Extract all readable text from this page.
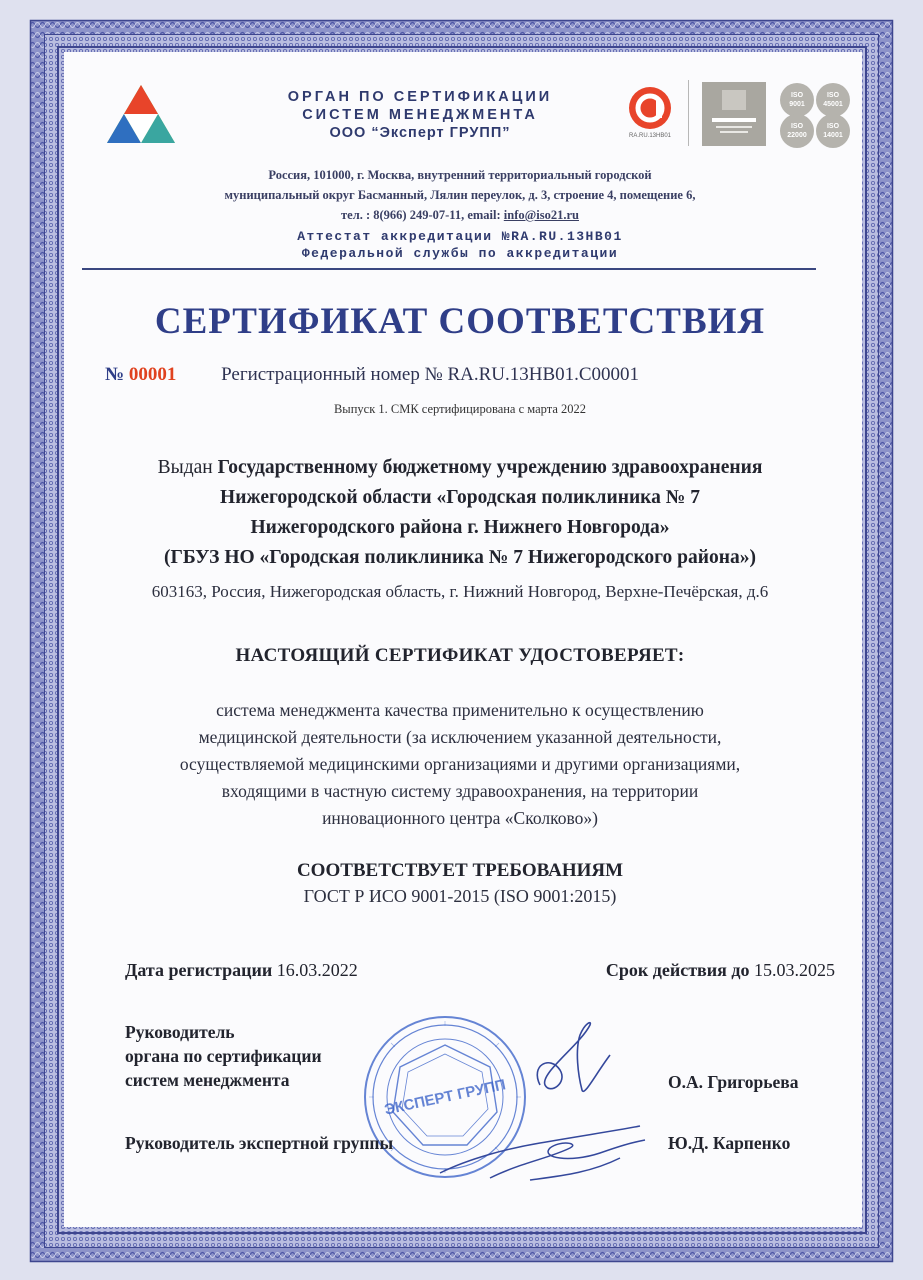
ОРГАН ПО СЕРТИФИКАЦИИ
СИСТЕМ МЕНЕДЖМЕНТА
ООО “Эксперт ГРУПП”	RA.RU.13НВ01
ISO
9001
ISO
45001
ISO
22000
ISO
14001
Россия, 101000, г. Москва, внутренний территориальный городской
муниципальный округ Басманный, Лялин переулок, д. 3, строение 4, помещение 6,
тел. : 8(966) 249-07-11, email: info@iso21.ru
Аттестат аккредитации №RA.RU.13НВ01
Федеральной службы по аккредитации
СЕРТИФИКАТ СООТВЕТСТВИЯ
№ 00001 Регистрационный номер № RA.RU.13НВ01.С00001
Выпуск 1. СМК сертифицирована с марта 2022
Выдан Государственному бюджетному учреждению здравоохранения
Нижегородской области «Городская поликлиника № 7
Нижегородского района г. Нижнего Новгорода»
(ГБУЗ НО «Городская поликлиника № 7 Нижегородского района»)
603163, Россия, Нижегородская область, г. Нижний Новгород, Верхне-Печёрская, д.6
НАСТОЯЩИЙ СЕРТИФИКАТ УДОСТОВЕРЯЕТ:
система менеджмента качества применительно к осуществлению
медицинской деятельности (за исключением указанной деятельности,
осуществляемой медицинскими организациями и другими организациями,
входящими в частную систему здравоохранения, на территории
инновационного центра «Сколково»)
СООТВЕТСТВУЕТ ТРЕБОВАНИЯМ
ГОСТ Р ИСО 9001-2015 (ISO 9001:2015)
Дата регистрации 16.03.2022	Срок действия до 15.03.2025
ЭКСПЕРТ ГРУПП
Руководитель
органа по сертификации
систем менеджмента	О.А. Григорьева
Руководитель экспертной группы	Ю.Д. Карпенко
